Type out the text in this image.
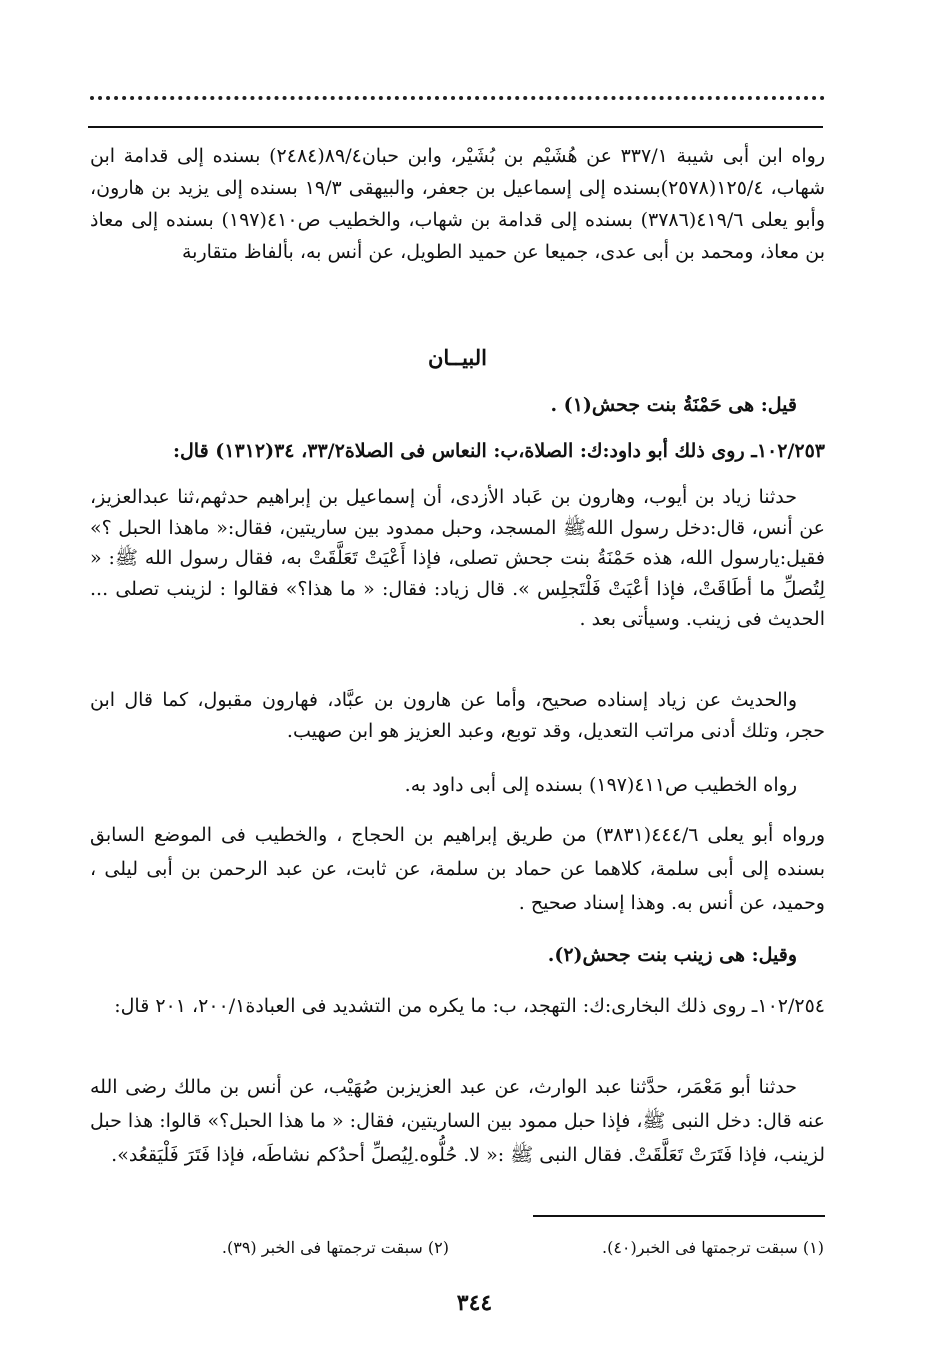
رواه ابن أبى شيبة ٣٣٧/١ عن هُشَيْم بن بُشَيْر، وابن حبان٨٩/٤(٢٤٨٤) بسنده إلى قدامة ابن شهاب، ١٢٥/٤(٢٥٧٨)بسنده إلى إسماعيل بن جعفر، والبيهقى ١٩/٣ بسنده إلى يزيد بن هارون، وأبو يعلى ٤١٩/٦(٣٧٨٦) بسنده إلى قدامة بن شهاب، والخطيب ص٤١٠(١٩٧) بسنده إلى معاذ بن معاذ، ومحمد بن أبى عدى، جميعا عن حميد الطويل، عن أنس به، بألفاظ متقاربة
البيــان
قيل: هى حَمْنَةُ بنت جحش(١) .
١٠٢/٢٥٣ـ روى ذلك أبو داود:ك: الصلاة،ب: النعاس فى الصلاة٣٣/٢، ٣٤(١٣١٢) قال:
حدثنا زياد بن أيوب، وهارون بن عَباد الأزدى، أن إسماعيل بن إبراهيم حدثهم،ثنا عبدالعزيز، عن أنس، قال:دخل رسول اللهﷺ المسجد، وحبل ممدود بين ساريتين، فقال:« ماهذا الحبل ؟» فقيل:يارسول الله، هذه حَمْنَةُ بنت جحش تصلى، فإذا أَعْيَتْ تَعَلَّقَتْ به، فقال رسول الله ﷺ: « لِتُصلِّ ما أطَاقَتْ، فإذا أعْيَتْ فَلْتَجلِس ». قال زياد: فقال: « ما هذا؟» فقالوا : لزينب تصلى ... الحديث فى زينب. وسيأتى بعد .
والحديث عن زياد إسناده صحيح، وأما عن هارون بن عبَّاد، فهارون مقبول، كما قال ابن حجر، وتلك أدنى مراتب التعديل، وقد توبع، وعبد العزيز هو ابن صهيب.
رواه الخطيب ص٤١١(١٩٧) بسنده إلى أبى داود به.
ورواه أبو يعلى ٤٤٤/٦(٣٨٣١) من طريق إبراهيم بن الحجاج ، والخطيب فى الموضع السابق بسنده إلى أبى سلمة، كلاهما عن حماد بن سلمة، عن ثابت، عن عبد الرحمن بن أبى ليلى ، وحميد، عن أنس به. وهذا إسناد صحيح .
وقيل: هى زينب بنت جحش(٢).
١٠٢/٢٥٤ـ روى ذلك البخارى:ك: التهجد، ب: ما يكره من التشديد فى العبادة٢٠٠/١، ٢٠١ قال:
حدثنا أبو مَعْمَر، حدَّثنا عبد الوارث، عن عبد العزيزبن صُهَيْب، عن أنس بن مالك رضى الله عنه قال: دخل النبى ﷺ، فإذا حبل ممود بين الساريتين، فقال: « ما هذا الحبل؟» قالوا: هذا حبل لزينب، فإذا فَتَرَتْ تَعَلَّقَتْ. فقال النبى ﷺ :« لا. حُلُّوه.لِيُصلِّ أحدُكم نشاطَه، فإذا فَتَرَ فَلْيَقعُد».
(١) سبقت ترجمتها فى الخبر(٤٠).
(٢) سبقت ترجمتها فى الخبر (٣٩).
٣٤٤
